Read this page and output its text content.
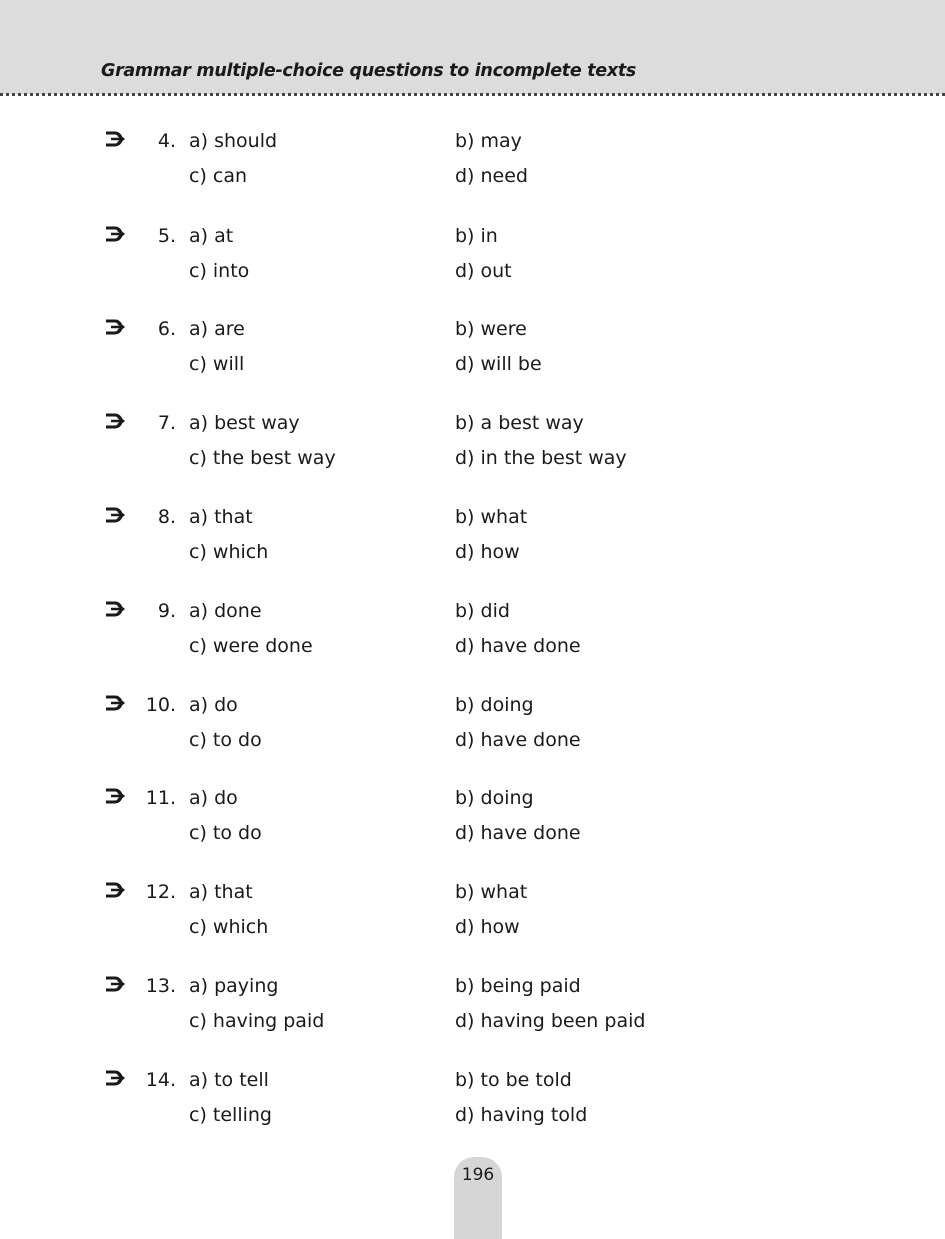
Grammar multiple-choice questions to incomplete texts
4. a) should	b) may
c) can	d) need
5. a) at	b) in
c) into	d) out
6. a) are	b) were
c) will	d) will be
7. a) best way	b) a best way
c) the best way	d) in the best way
8. a) that	b) what
c) which	d) how
9. a) done	b) did
c) were done	d) have done
10. a) do	b) doing
c) to do	d) have done
11. a) do	b) doing
c) to do	d) have done
12. a) that	b) what
c) which	d) how
13. a) paying	b) being paid
c) having paid	d) having been paid
14. a) to tell	b) to be told
c) telling	d) having told
196
